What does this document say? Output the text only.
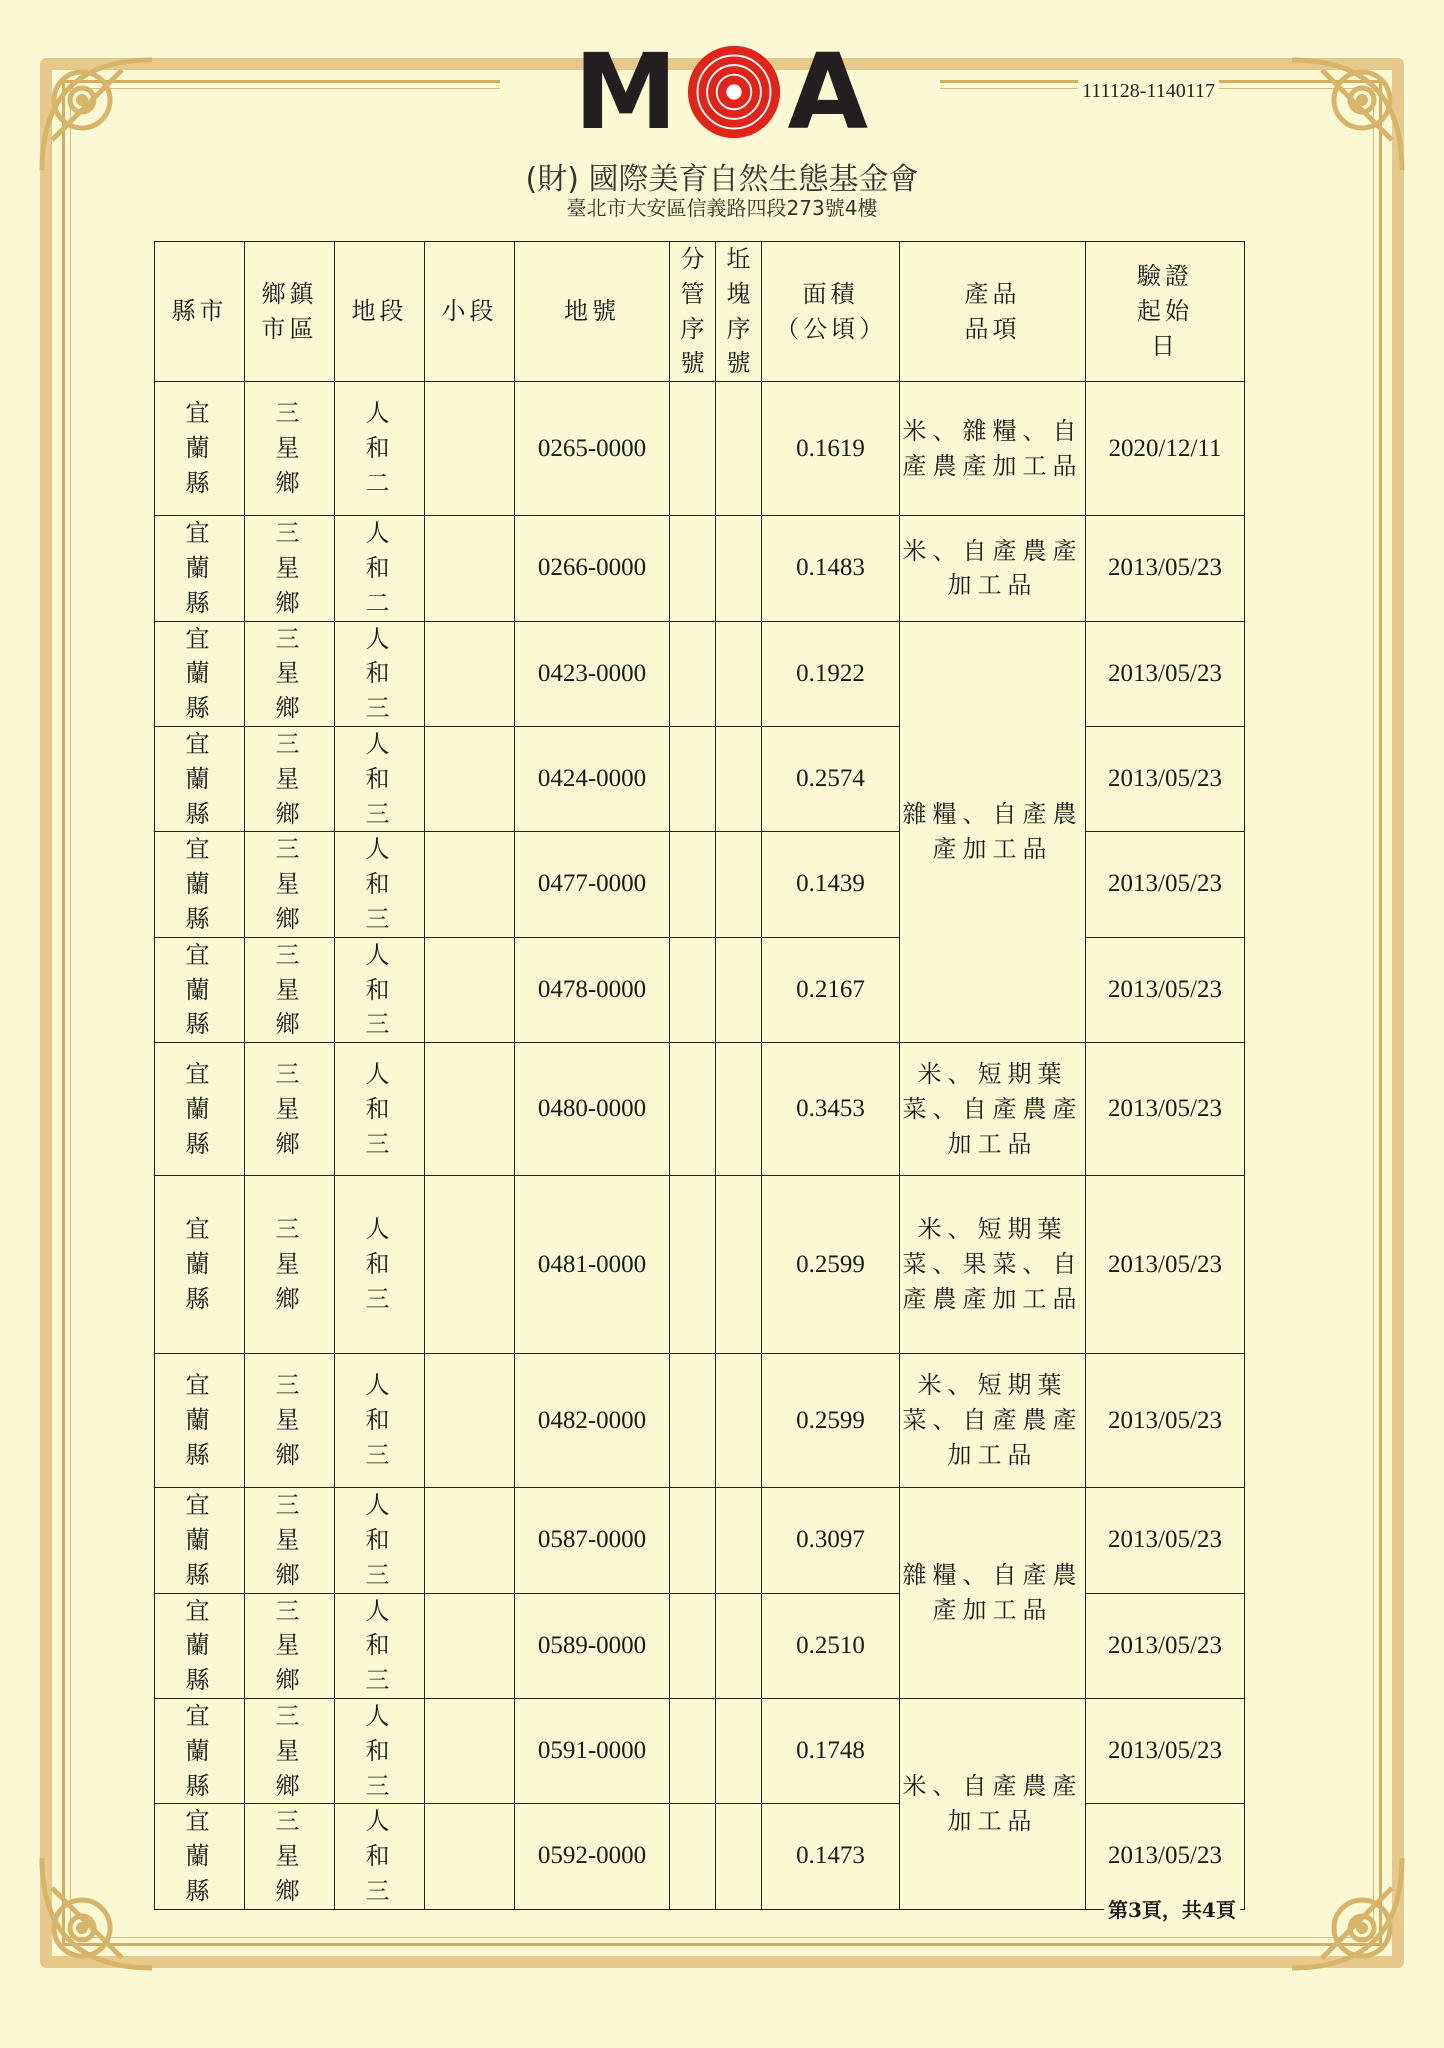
M A	111128-1140117
(財) 國際美育自然生態基金會
臺北市大安區信義路四段273號4樓
縣市	鄉鎮市區	地段	小段	地號	分管序號	坵塊序號	面積（公頃）	產品品項	驗證起始日
宜蘭縣	三星鄉	人和二		0265-0000			0.1619	米、雜糧、自產農產加工品	2020/12/11
宜蘭縣	三星鄉	人和二		0266-0000			0.1483	米、自產農產加工品	2013/05/23
宜蘭縣	三星鄉	人和三		0423-0000			0.1922	雜糧、自產農產加工品	2013/05/23
宜蘭縣	三星鄉	人和三		0424-0000			0.2574		2013/05/23
宜蘭縣	三星鄉	人和三		0477-0000			0.1439		2013/05/23
宜蘭縣	三星鄉	人和三		0478-0000			0.2167		2013/05/23
宜蘭縣	三星鄉	人和三		0480-0000			0.3453	米、短期葉菜、自產農產加工品	2013/05/23
宜蘭縣	三星鄉	人和三		0481-0000			0.2599	米、短期葉菜、果菜、自產農產加工品	2013/05/23
宜蘭縣	三星鄉	人和三		0482-0000			0.2599	米、短期葉菜、自產農產加工品	2013/05/23
宜蘭縣	三星鄉	人和三		0587-0000			0.3097	雜糧、自產農產加工品	2013/05/23
宜蘭縣	三星鄉	人和三		0589-0000			0.2510		2013/05/23
宜蘭縣	三星鄉	人和三		0591-0000			0.1748	米、自產農產加工品	2013/05/23
宜蘭縣	三星鄉	人和三		0592-0000			0.1473		2013/05/23
第3頁，共4頁
